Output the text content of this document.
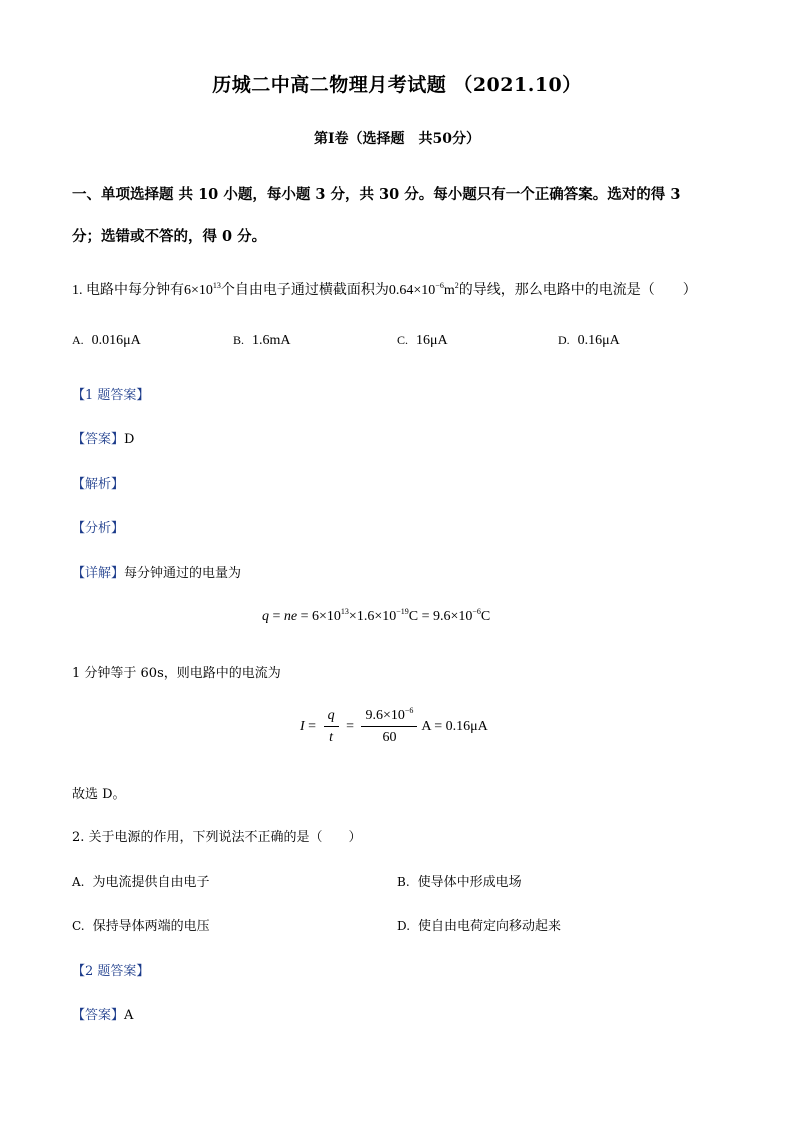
历城二中高二物理月考试题 （2021.10）
第Ⅰ卷（选择题　共50分）
一、单项选择题 共 10 小题，每小题 3 分，共 30 分。每小题只有一个正确答案。选对的得 3
分；选错或不答的，得 0 分。
1. 电路中每分钟有$6\times 10^{13}$个自由电子通过横截面积为$0.64\times 10^{-6}m^2$的导线，那么电路中的电流是（　　）
A. 0.016μA	B. 1.6mA	C. 16μA	D. 0.16μA
【1 题答案】
【答案】D
【解析】
【分析】
【详解】每分钟通过的电量为
q = ne = $6\times 10^{13}\times 1.6\times 10^{-19}C = 9.6\times 10^{-6}C$
1 分钟等于 60s，则电路中的电流为
$I = \frac{q}{t} = \frac{9.6\times 10^{-6}}{60}$ A = 0.16μA
故选 D。
2. 关于电源的作用，下列说法不正确的是（　　）
A. 为电流提供自由电子	B. 使导体中形成电场
C. 保持导体两端的电压	D. 使自由电荷定向移动起来
【2 题答案】
【答案】A
